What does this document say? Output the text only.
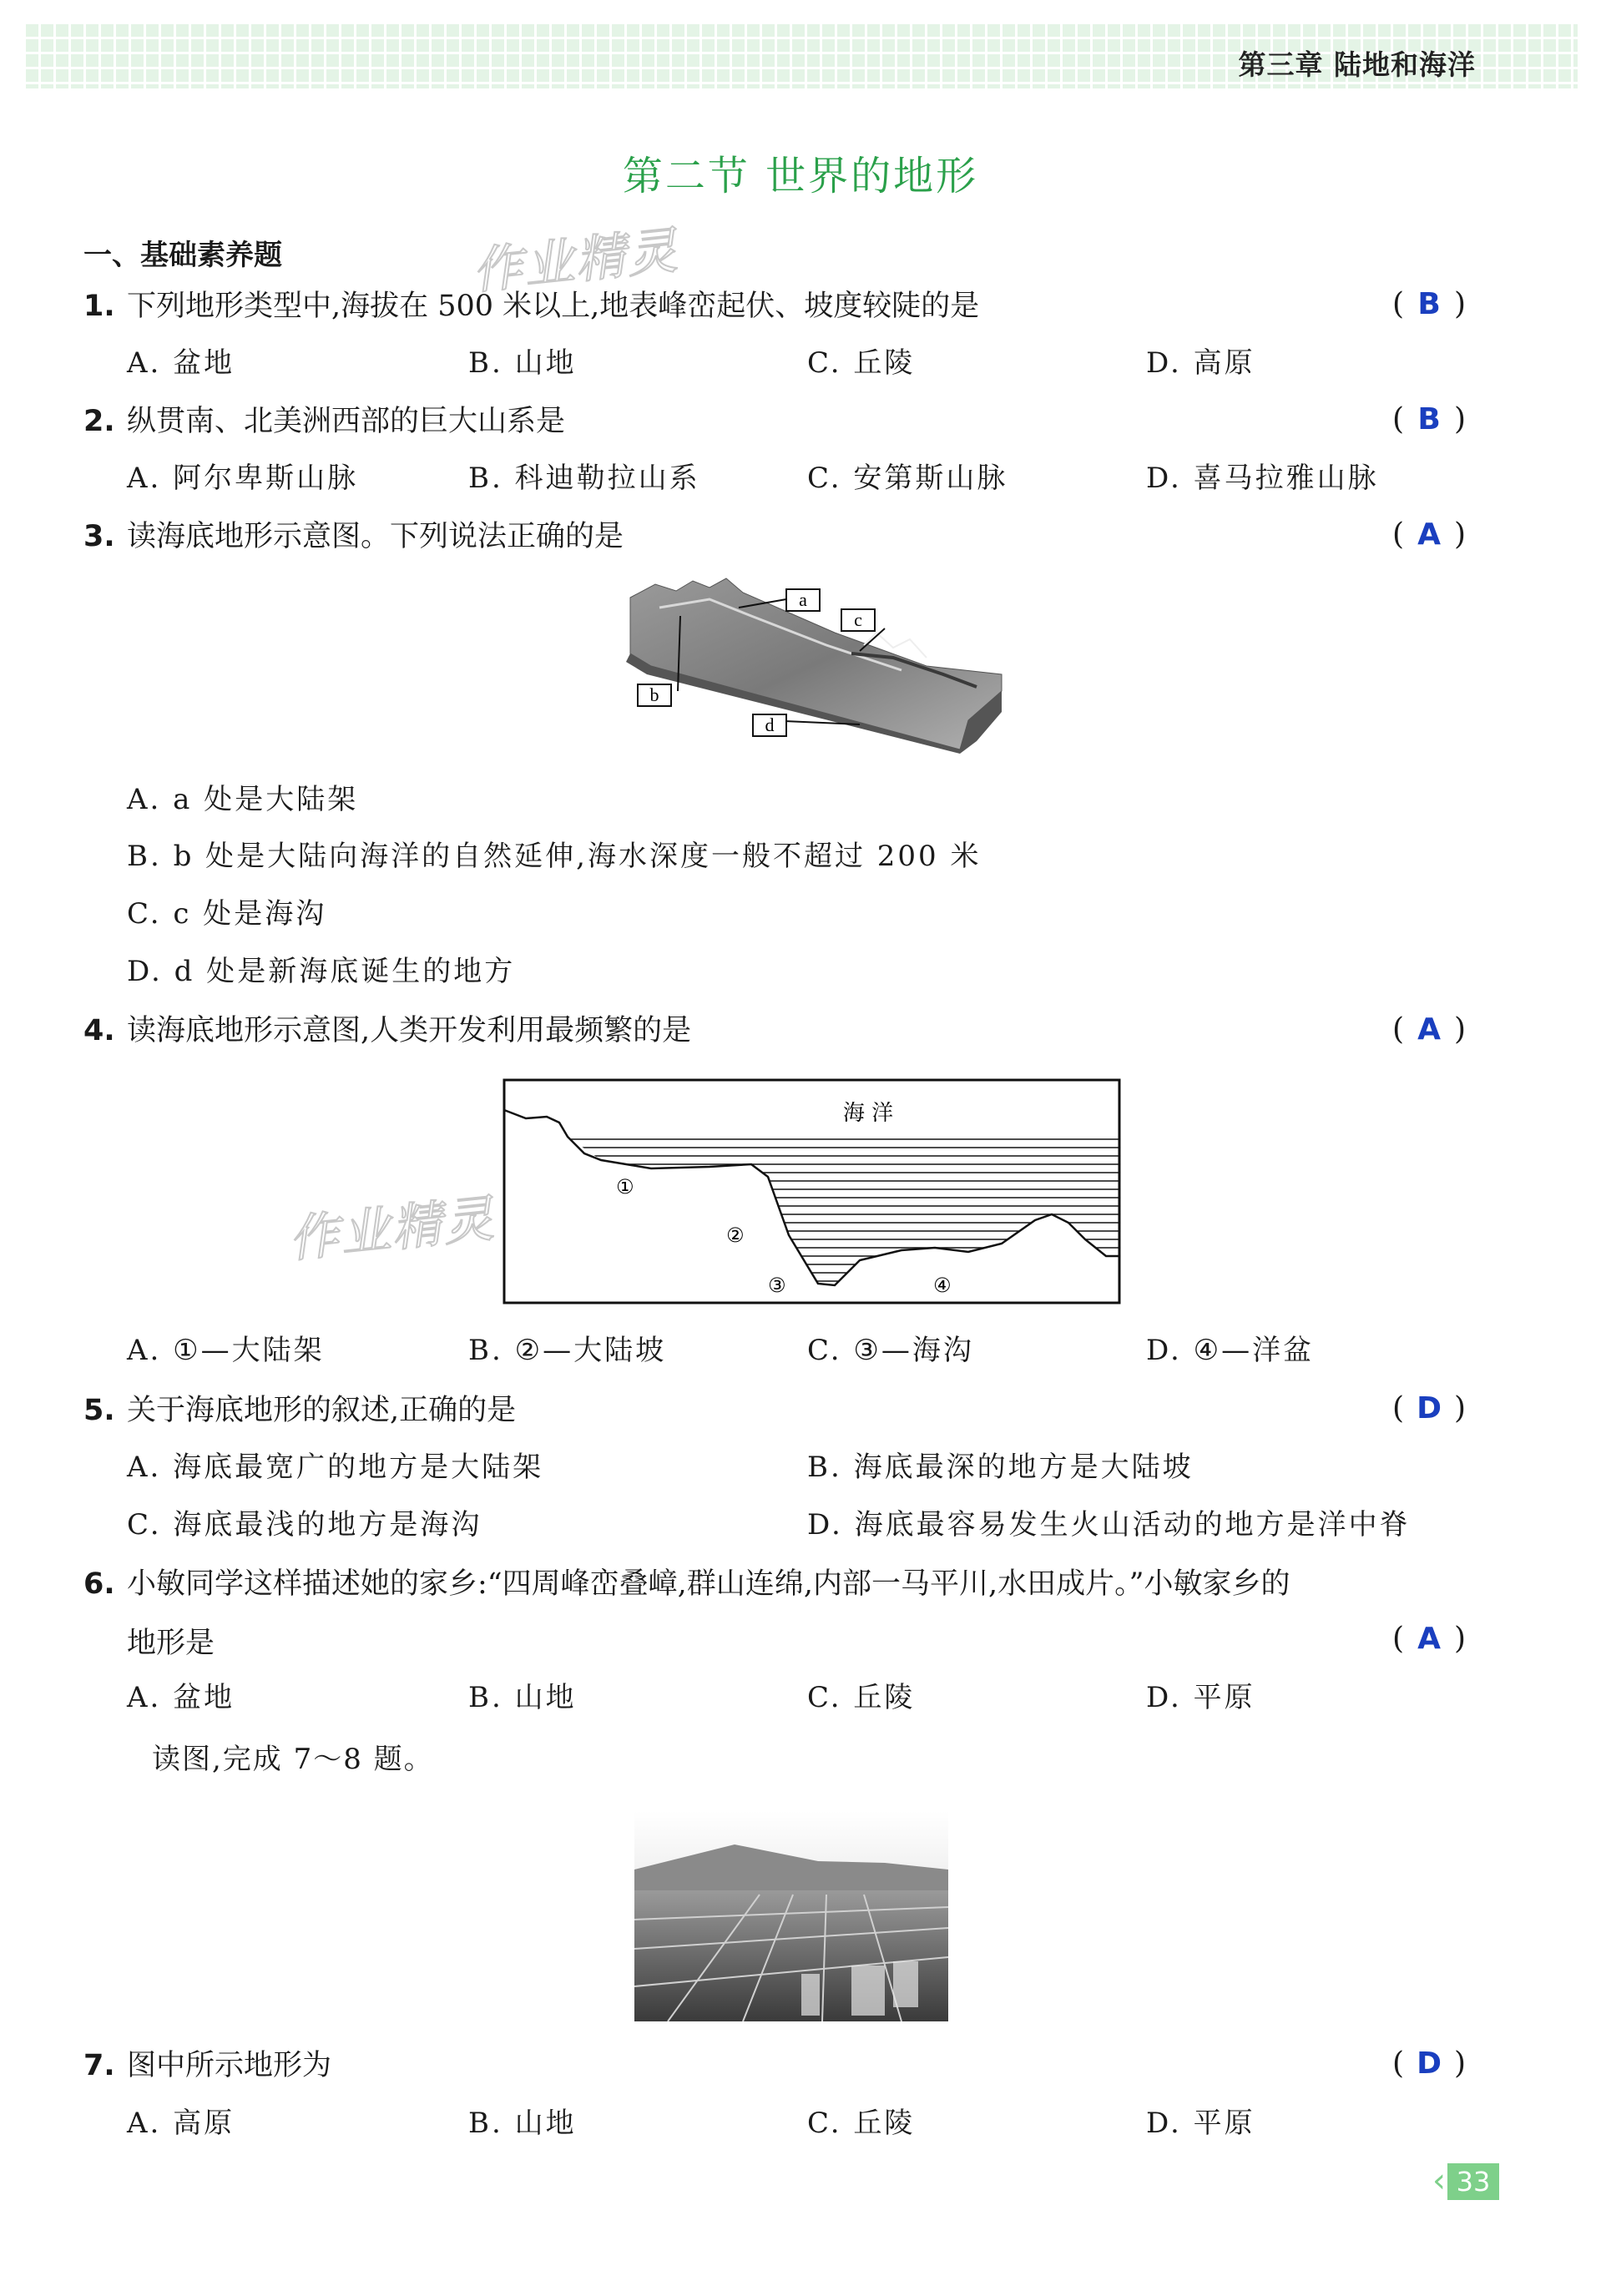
第三章 陆地和海洋
第二节 世界的地形
作业精灵
作业精灵
一、基础素养题
1. 下列地形类型中,海拔在 500 米以上,地表峰峦起伏、坡度较陡的是	( B )
A. 盆地	B. 山地	C. 丘陵	D. 高原
2. 纵贯南、北美洲西部的巨大山系是	( B )
A. 阿尔卑斯山脉	B. 科迪勒拉山系	C. 安第斯山脉	D. 喜马拉雅山脉
3. 读海底地形示意图。下列说法正确的是	( A )
a
c
b
d
A. a 处是大陆架
B. b 处是大陆向海洋的自然延伸,海水深度一般不超过 200 米
C. c 处是海沟
D. d 处是新海底诞生的地方
4. 读海底地形示意图,人类开发利用最频繁的是	( A )
海 洋
①
②
③	④
A. ①—大陆架	B. ②—大陆坡	C. ③—海沟	D. ④—洋盆
5. 关于海底地形的叙述,正确的是	( D )
A. 海底最宽广的地方是大陆架	B. 海底最深的地方是大陆坡
C. 海底最浅的地方是海沟	D. 海底最容易发生火山活动的地方是洋中脊
6. 小敏同学这样描述她的家乡:“四周峰峦叠嶂,群山连绵,内部一马平川,水田成片。”小敏家乡的
地形是	( A )
A. 盆地	B. 山地	C. 丘陵	D. 平原
读图,完成 7～8 题。
7. 图中所示地形为	( D )
A. 高原	B. 山地	C. 丘陵	D. 平原
‹ 33
